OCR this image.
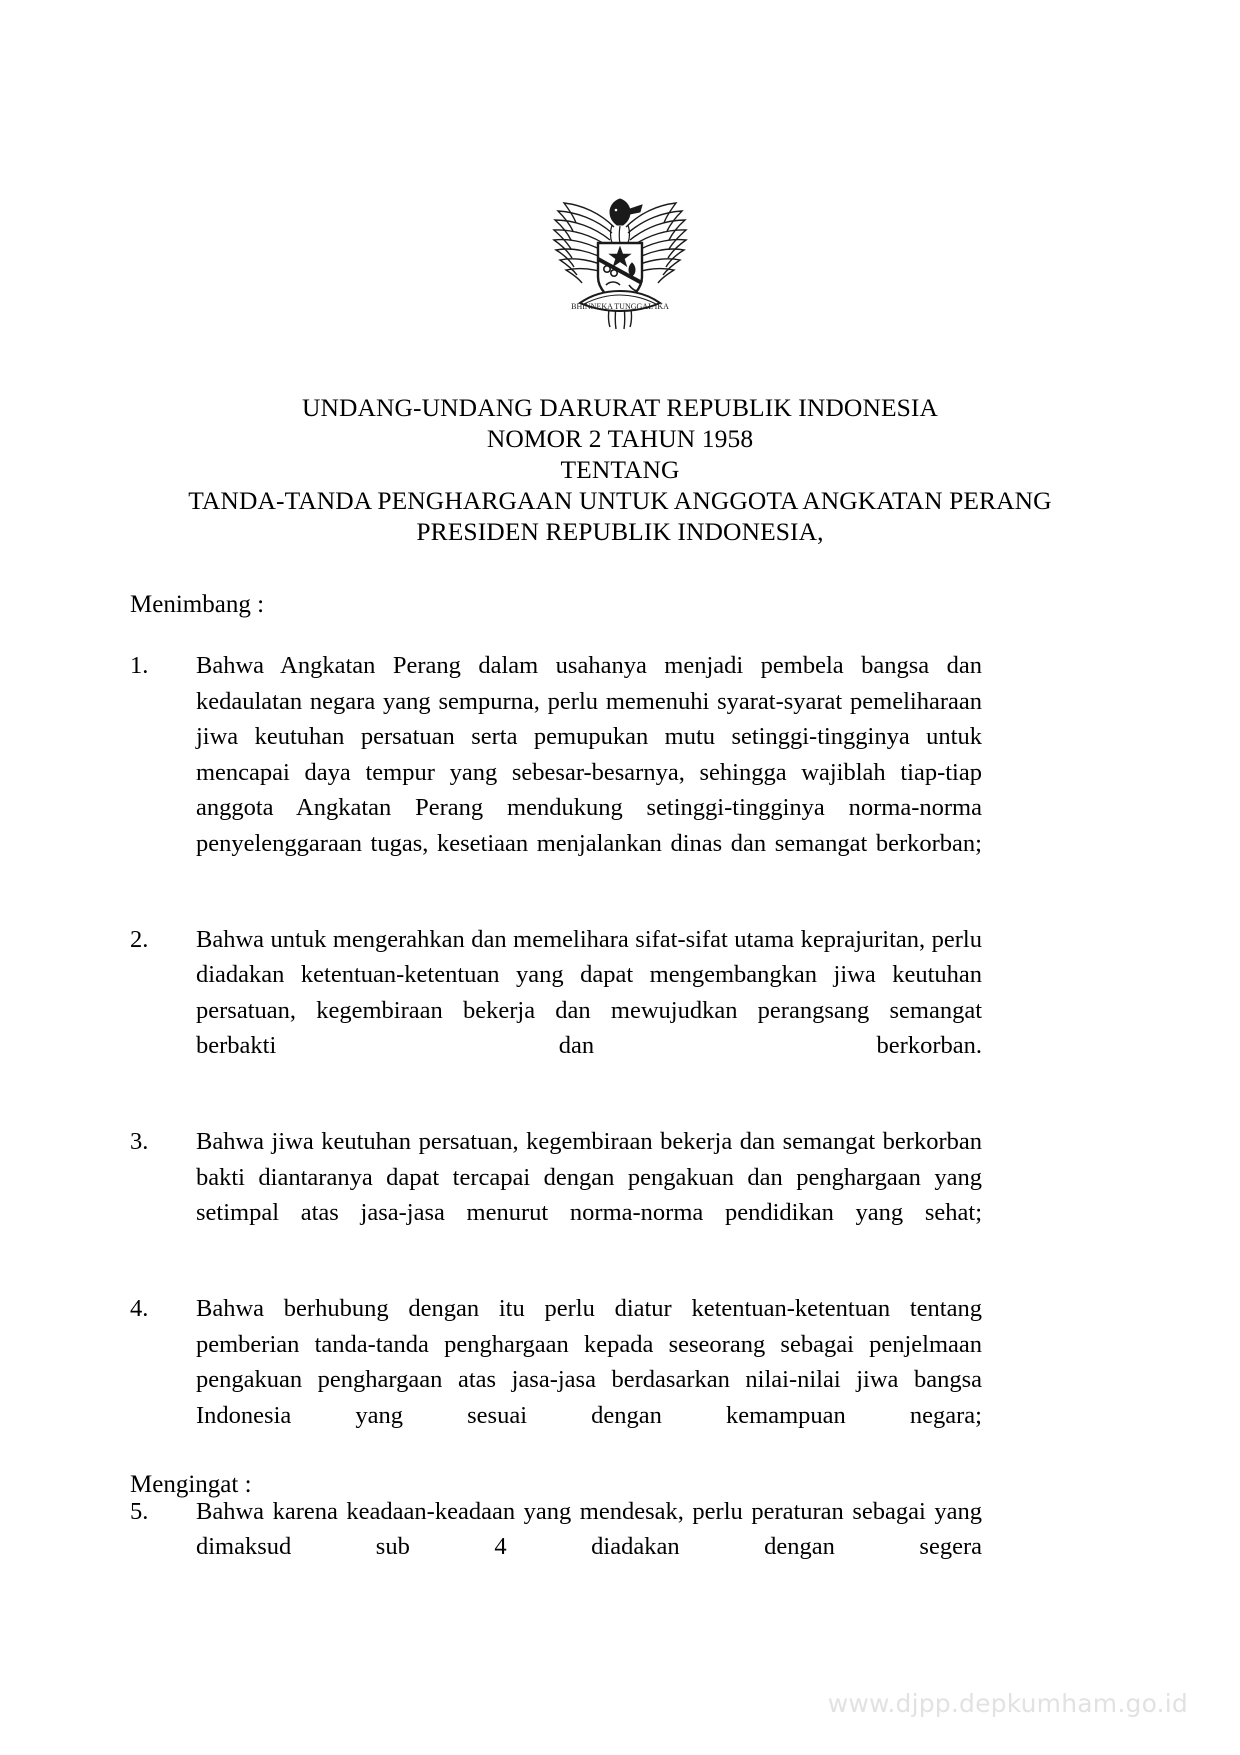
BHINNEKA TUNGGAL IKA
UNDANG-UNDANG DARURAT REPUBLIK INDONESIA
NOMOR 2 TAHUN 1958
TENTANG
TANDA-TANDA PENGHARGAAN UNTUK ANGGOTA ANGKATAN PERANG
PRESIDEN REPUBLIK INDONESIA,

Menimbang :

1.	Bahwa Angkatan Perang dalam usahanya menjadi pembela bangsa dan kedaulatan negara yang sempurna, perlu memenuhi syarat-syarat pemeliharaan jiwa keutuhan persatuan serta pemupukan mutu setinggi-tingginya untuk mencapai daya tempur yang sebesar-besarnya, sehingga wajiblah tiap-tiap anggota Angkatan Perang mendukung setinggi-tingginya norma-norma penyelenggaraan tugas, kesetiaan menjalankan dinas dan semangat berkorban;
2.	Bahwa untuk mengerahkan dan memelihara sifat-sifat utama keprajuritan, perlu diadakan ketentuan-ketentuan yang dapat mengembangkan jiwa keutuhan persatuan, kegembiraan bekerja dan mewujudkan perangsang semangat berbakti dan berkorban.
3.	Bahwa jiwa keutuhan persatuan, kegembiraan bekerja dan semangat berkorban bakti diantaranya dapat tercapai dengan pengakuan dan penghargaan yang setimpal atas jasa-jasa menurut norma-norma pendidikan yang sehat;
4.	Bahwa berhubung dengan itu perlu diatur ketentuan-ketentuan tentang pemberian tanda-tanda penghargaan kepada seseorang sebagai penjelmaan pengakuan penghargaan atas jasa-jasa berdasarkan nilai-nilai jiwa bangsa Indonesia yang sesuai dengan kemampuan negara;
5.	Bahwa karena keadaan-keadaan yang mendesak, perlu peraturan sebagai yang dimaksud sub 4 diadakan dengan segera
Mengingat :
www.djpp.depkumham.go.id
